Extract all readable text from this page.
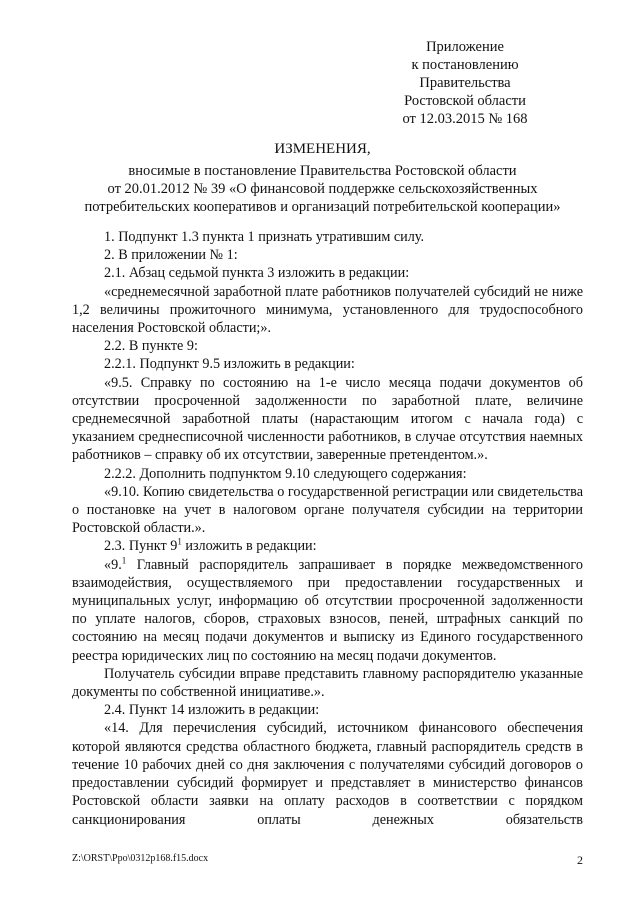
Приложение
к постановлению
Правительства
Ростовской области
от 12.03.2015 № 168
ИЗМЕНЕНИЯ,
вносимые в постановление Правительства Ростовской области
от 20.01.2012 № 39 «О финансовой поддержке сельскохозяйственных
потребительских кооперативов и организаций потребительской кооперации»

1. Подпункт 1.3 пункта 1 признать утратившим силу.

2. В приложении № 1:

2.1. Абзац седьмой пункта 3 изложить в редакции:

«среднемесячной заработной плате работников получателей субсидий не ниже 1,2 величины прожиточного минимума, установленного для трудоспособного населения Ростовской области;».

2.2. В пункте 9:

2.2.1. Подпункт 9.5 изложить в редакции:

«9.5. Справку по состоянию на 1-е число месяца подачи документов об отсутствии просроченной задолженности по заработной плате, величине среднемесячной заработной платы (нарастающим итогом с начала года) с указанием среднесписочной численности работников, в случае отсутствия наемных работников – справку об их отсутствии, заверенные претендентом.».

2.2.2. Дополнить подпунктом 9.10 следующего содержания:

«9.10. Копию свидетельства о государственной регистрации или свидетельства о постановке на учет в налоговом органе получателя субсидии на территории Ростовской области.».

2.3. Пункт $9^1$ изложить в редакции:

«9.$^1$ Главный распорядитель запрашивает в порядке межведомственного взаимодействия, осуществляемого при предоставлении государственных и муниципальных услуг, информацию об отсутствии просроченной задолженности по уплате налогов, сборов, страховых взносов, пеней, штрафных санкций по состоянию на месяц подачи документов и выписку из Единого государственного реестра юридических лиц по состоянию на месяц подачи документов.

Получатель субсидии вправе представить главному распорядителю указанные документы по собственной инициативе.».

2.4. Пункт 14 изложить в редакции:

«14. Для перечисления субсидий, источником финансового обеспечения которой являются средства областного бюджета, главный распорядитель средств в течение 10 рабочих дней со дня заключения с получателями субсидий договоров о предоставлении субсидий формирует и представляет в министерство финансов Ростовской области заявки на оплату расходов в соответствии с порядком санкционирования оплаты денежных обязательств

Z:\ORST\Ppo\0312p168.f15.docx	2
